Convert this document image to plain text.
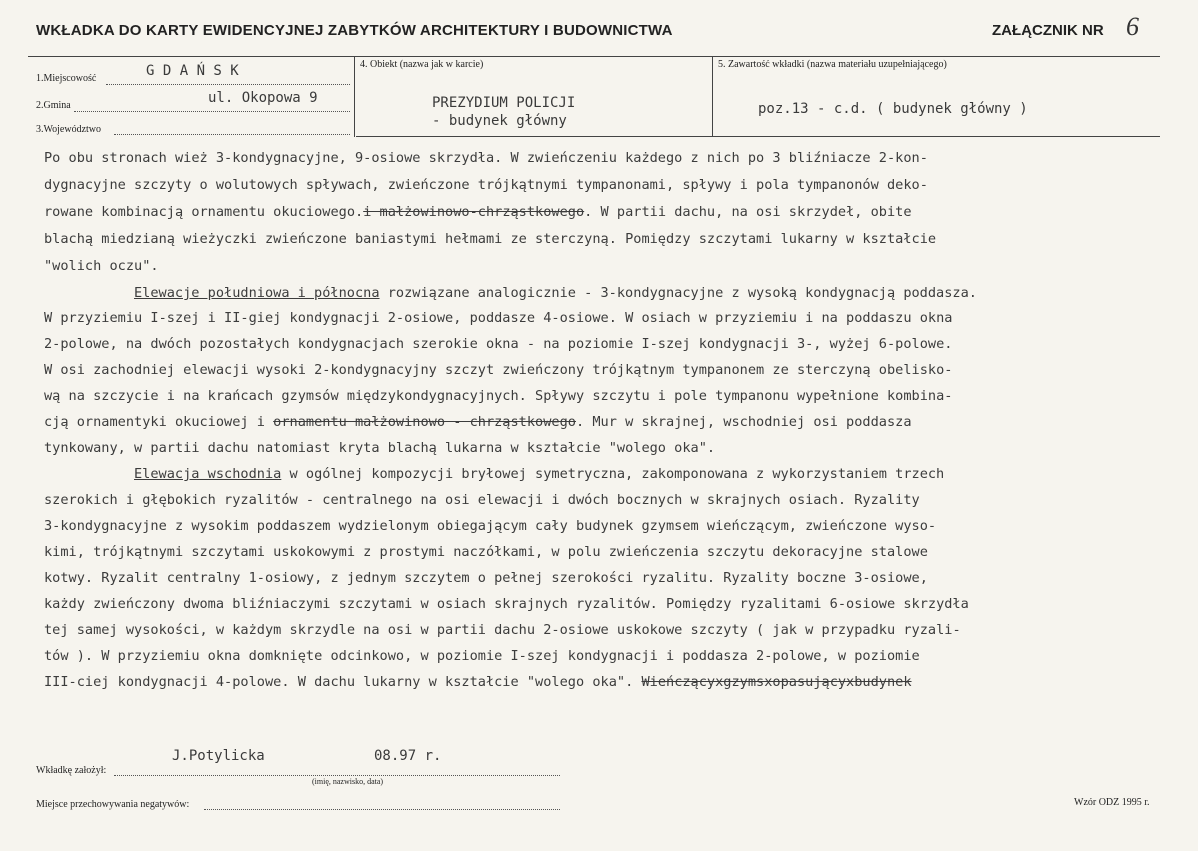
WKŁADKA DO KARTY EWIDENCYJNEJ ZABYTKÓW ARCHITEKTURY I BUDOWNICTWA	ZAŁĄCZNIK NR 6
1.Miejscowość	G D A Ń S K
2.Gmina	ul. Okopowa 9
3.Województwo
4. Obiekt (nazwa jak w karcie)
PREZYDIUM POLICJI
- budynek główny
5. Zawartość wkładki (nazwa materiału uzupełniającego)
poz.13 - c.d. ( budynek główny )
Po obu stronach wież 3-kondygnacyjne, 9-osiowe skrzydła. W zwieńczeniu każdego z nich po 3 bliźniacze 2-kon-
dygnacyjne szczyty o wolutowych spływach, zwieńczone trójkątnymi tympanonami, spływy i pola tympanonów deko-
rowane kombinacją ornamentu okuciowego.i małżowinowo-chrząstkowego. W partii dachu, na osi skrzydeł, obite
blachą miedzianą wieżyczki zwieńczone baniastymi hełmami ze sterczyną. Pomiędzy szczytami lukarny w kształcie
"wolich oczu".
Elewacje południowa i północna rozwiązane analogicznie - 3-kondygnacyjne z wysoką kondygnacją poddasza.
W przyziemiu I-szej i II-giej kondygnacji 2-osiowe, poddasze 4-osiowe. W osiach w przyziemiu i na poddaszu okna
2-polowe, na dwóch pozostałych kondygnacjach szerokie okna - na poziomie I-szej kondygnacji 3-, wyżej 6-polowe.
W osi zachodniej elewacji wysoki 2-kondygnacyjny szczyt zwieńczony trójkątnym tympanonem ze sterczyną obelisko-
wą na szczycie i na krańcach gzymsów międzykondygnacyjnych. Spływy szczytu i pole tympanonu wypełnione kombina-
cją ornamentyki okuciowej i ornamentu małżowinowo - chrząstkowego. Mur w skrajnej, wschodniej osi poddasza
tynkowany, w partii dachu natomiast kryta blachą lukarna w kształcie "wolego oka".
Elewacja wschodnia w ogólnej kompozycji bryłowej symetryczna, zakomponowana z wykorzystaniem trzech
szerokich i głębokich ryzalitów - centralnego na osi elewacji i dwóch bocznych w skrajnych osiach. Ryzality
3-kondygnacyjne z wysokim poddaszem wydzielonym obiegającym cały budynek gzymsem wieńczącym, zwieńczone wyso-
kimi, trójkątnymi szczytami uskokowymi z prostymi naczółkami, w polu zwieńczenia szczytu dekoracyjne stalowe
kotwy. Ryzalit centralny 1-osiowy, z jednym szczytem o pełnej szerokości ryzalitu. Ryzality boczne 3-osiowe,
każdy zwieńczony dwoma bliźniaczymi szczytami w osiach skrajnych ryzalitów. Pomiędzy ryzalitami 6-osiowe skrzydła
tej samej wysokości, w każdym skrzydle na osi w partii dachu 2-osiowe uskokowe szczyty ( jak w przypadku ryzali-
tów ). W przyziemiu okna domknięte odcinkowo, w poziomie I-szej kondygnacji i poddasza 2-polowe, w poziomie
III-ciej kondygnacji 4-polowe. W dachu lukarny w kształcie "wolego oka". Wieńczącyxgzymsxopasującyxbudynek
Wkładkę założył:
J.Potylicka	08.97 r.
(imię, nazwisko, data)
Miejsce przechowywania negatywów:	Wzór ODZ 1995 r.
